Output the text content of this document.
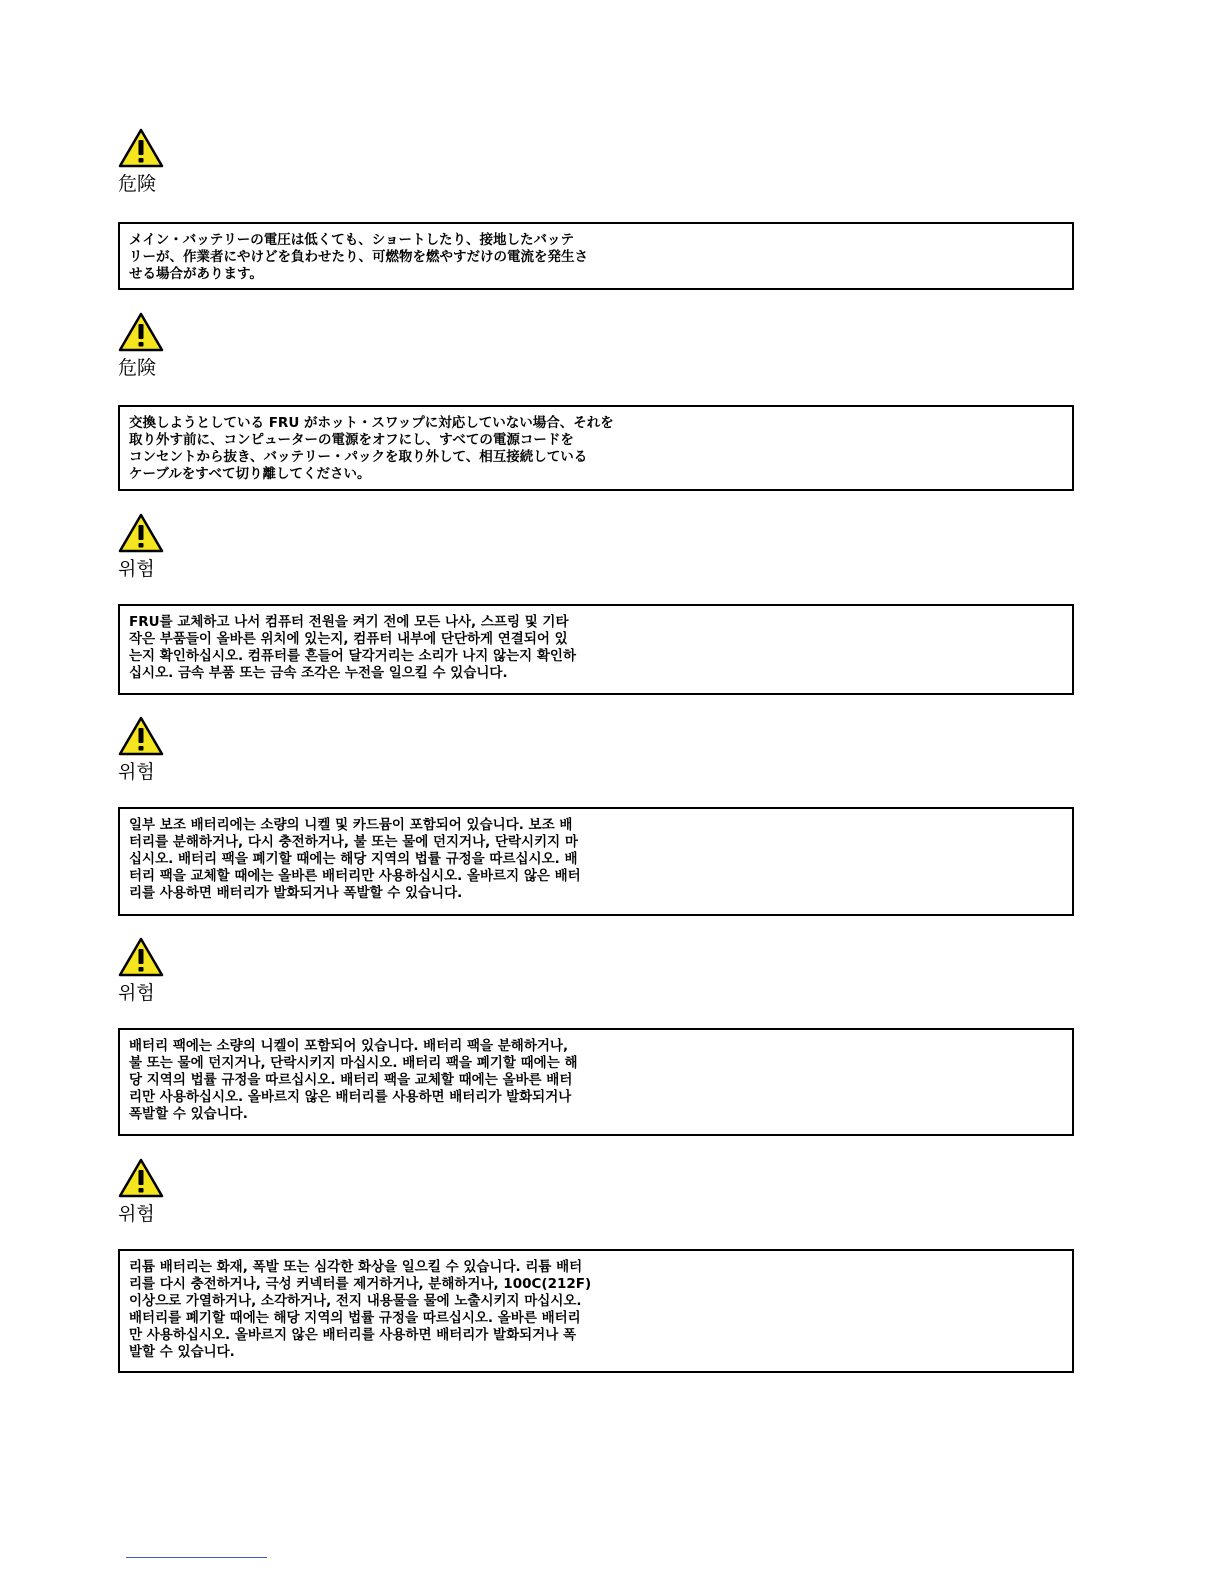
危険
メイン・バッテリーの電圧は低くても、ショートしたり、接地したバッテ
リーが、作業者にやけどを負わせたり、可燃物を燃やすだけの電流を発生さ
せる場合があります。
危険
交換しようとしている FRU がホット・スワップに対応していない場合、それを
取り外す前に、コンピューターの電源をオフにし、すべての電源コードを
コンセントから抜き、バッテリー・パックを取り外して、相互接続している
ケーブルをすべて切り離してください。
위험
FRU를 교체하고 나서 컴퓨터 전원을 켜기 전에 모든 나사, 스프링 및 기타
작은 부품들이 올바른 위치에 있는지, 컴퓨터 내부에 단단하게 연결되어 있
는지 확인하십시오. 컴퓨터를 흔들어 달각거리는 소리가 나지 않는지 확인하
십시오. 금속 부품 또는 금속 조각은 누전을 일으킬 수 있습니다.
위험
일부 보조 배터리에는 소량의 니켈 및 카드뮴이 포함되어 있습니다. 보조 배
터리를 분해하거나, 다시 충전하거나, 불 또는 물에 던지거나, 단락시키지 마
십시오. 배터리 팩을 폐기할 때에는 해당 지역의 법률 규정을 따르십시오. 배
터리 팩을 교체할 때에는 올바른 배터리만 사용하십시오. 올바르지 않은 배터
리를 사용하면 배터리가 발화되거나 폭발할 수 있습니다.
위험
배터리 팩에는 소량의 니켈이 포함되어 있습니다. 배터리 팩을 분해하거나,
불 또는 물에 던지거나, 단락시키지 마십시오. 배터리 팩을 폐기할 때에는 해
당 지역의 법률 규정을 따르십시오. 배터리 팩을 교체할 때에는 올바른 배터
리만 사용하십시오. 올바르지 않은 배터리를 사용하면 배터리가 발화되거나
폭발할 수 있습니다.
위험
리튬 배터리는 화재, 폭발 또는 심각한 화상을 일으킬 수 있습니다. 리튬 배터
리를 다시 충전하거나, 극성 커넥터를 제거하거나, 분해하거나, 100C(212F)
이상으로 가열하거나, 소각하거나, 전지 내용물을 물에 노출시키지 마십시오.
배터리를 폐기할 때에는 해당 지역의 법률 규정을 따르십시오. 올바른 배터리
만 사용하십시오. 올바르지 않은 배터리를 사용하면 배터리가 발화되거나 폭
발할 수 있습니다.
